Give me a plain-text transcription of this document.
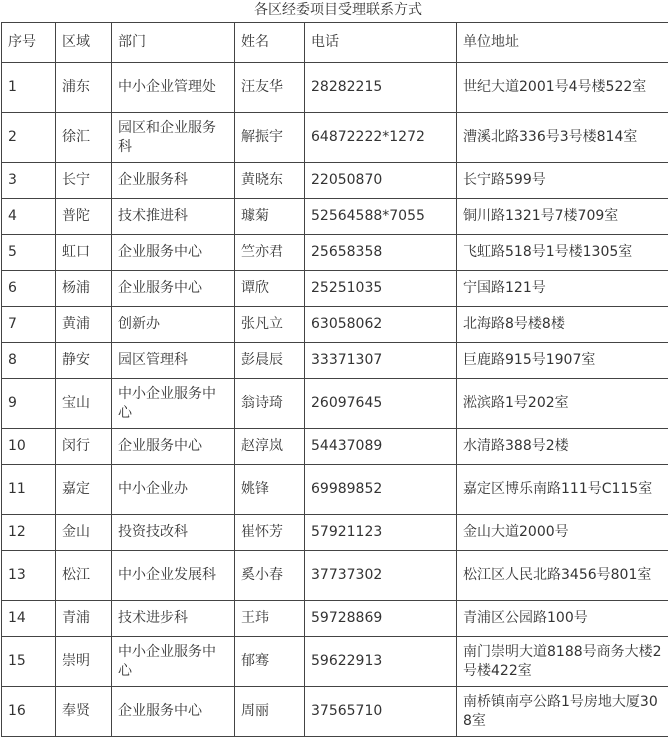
各区经委项目受理联系方式
序号	区域	部门	姓名	电话	单位地址
1	浦东	中小企业管理处	汪友华	28282215	世纪大道2001号4号楼522室
2	徐汇	园区和企业服务科	解振宇	64872222*1272	漕溪北路336号3号楼814室
3	长宁	企业服务科	黄晓东	22050870	长宁路599号
4	普陀	技术推进科	璩菊	52564588*7055	铜川路1321号7楼709室
5	虹口	企业服务中心	竺亦君	25658358	飞虹路518号1号楼1305室
6	杨浦	企业服务中心	谭欣	25251035	宁国路121号
7	黄浦	创新办	张凡立	63058062	北海路8号楼8楼
8	静安	园区管理科	彭晨辰	33371307	巨鹿路915号1907室
9	宝山	中小企业服务中心	翁诗琦	26097645	淞滨路1号202室
10	闵行	企业服务中心	赵淳岚	54437089	水清路388号2楼
11	嘉定	中小企业办	姚锋	69989852	嘉定区博乐南路111号C115室
12	金山	投资技改科	崔怀芳	57921123	金山大道2000号
13	松江	中小企业发展科	奚小春	37737302	松江区人民北路3456号801室
14	青浦	技术进步科	王玮	59728869	青浦区公园路100号
15	崇明	中小企业服务中心	郁骞	59622913	南门崇明大道8188号商务大楼2号楼422室
16	奉贤	企业服务中心	周丽	37565710	南桥镇南亭公路1号房地大厦308室
